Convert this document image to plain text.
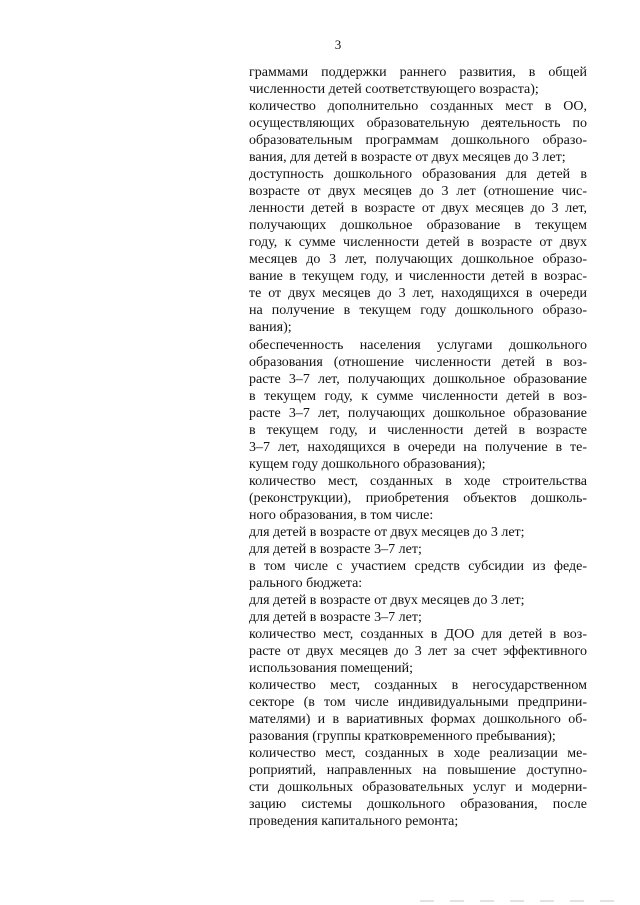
3
граммами поддержки раннего развития, в общей
численности детей соответствующего возраста);
количество дополнительно созданных мест в ОО,
осуществляющих образовательную деятельность по
образовательным программам дошкольного образо-
вания, для детей в возрасте от двух месяцев до 3 лет;
доступность дошкольного образования для детей в
возрасте от двух месяцев до 3 лет (отношение чис-
ленности детей в возрасте от двух месяцев до 3 лет,
получающих дошкольное образование в текущем
году, к сумме численности детей в возрасте от двух
месяцев до 3 лет, получающих дошкольное образо-
вание в текущем году, и численности детей в возрас-
те от двух месяцев до 3 лет, находящихся в очереди
на получение в текущем году дошкольного образо-
вания);
обеспеченность населения услугами дошкольного
образования (отношение численности детей в воз-
расте 3–7 лет, получающих дошкольное образование
в текущем году, к сумме численности детей в воз-
расте 3–7 лет, получающих дошкольное образование
в текущем году, и численности детей в возрасте
3–7 лет, находящихся в очереди на получение в те-
кущем году дошкольного образования);
количество мест, созданных в ходе строительства
(реконструкции), приобретения объектов дошколь-
ного образования, в том числе:
для детей в возрасте от двух месяцев до 3 лет;
для детей в возрасте 3–7 лет;
в том числе с участием средств субсидии из феде-
рального бюджета:
для детей в возрасте от двух месяцев до 3 лет;
для детей в возрасте 3–7 лет;
количество мест, созданных в ДОО для детей в воз-
расте от двух месяцев до 3 лет за счет эффективного
использования помещений;
количество мест, созданных в негосударственном
секторе (в том числе индивидуальными предприни-
мателями) и в вариативных формах дошкольного об-
разования (группы кратковременного пребывания);
количество мест, созданных в ходе реализации ме-
роприятий, направленных на повышение доступно-
сти дошкольных образовательных услуг и модерни-
зацию системы дошкольного образования, после
проведения капитального ремонта;
